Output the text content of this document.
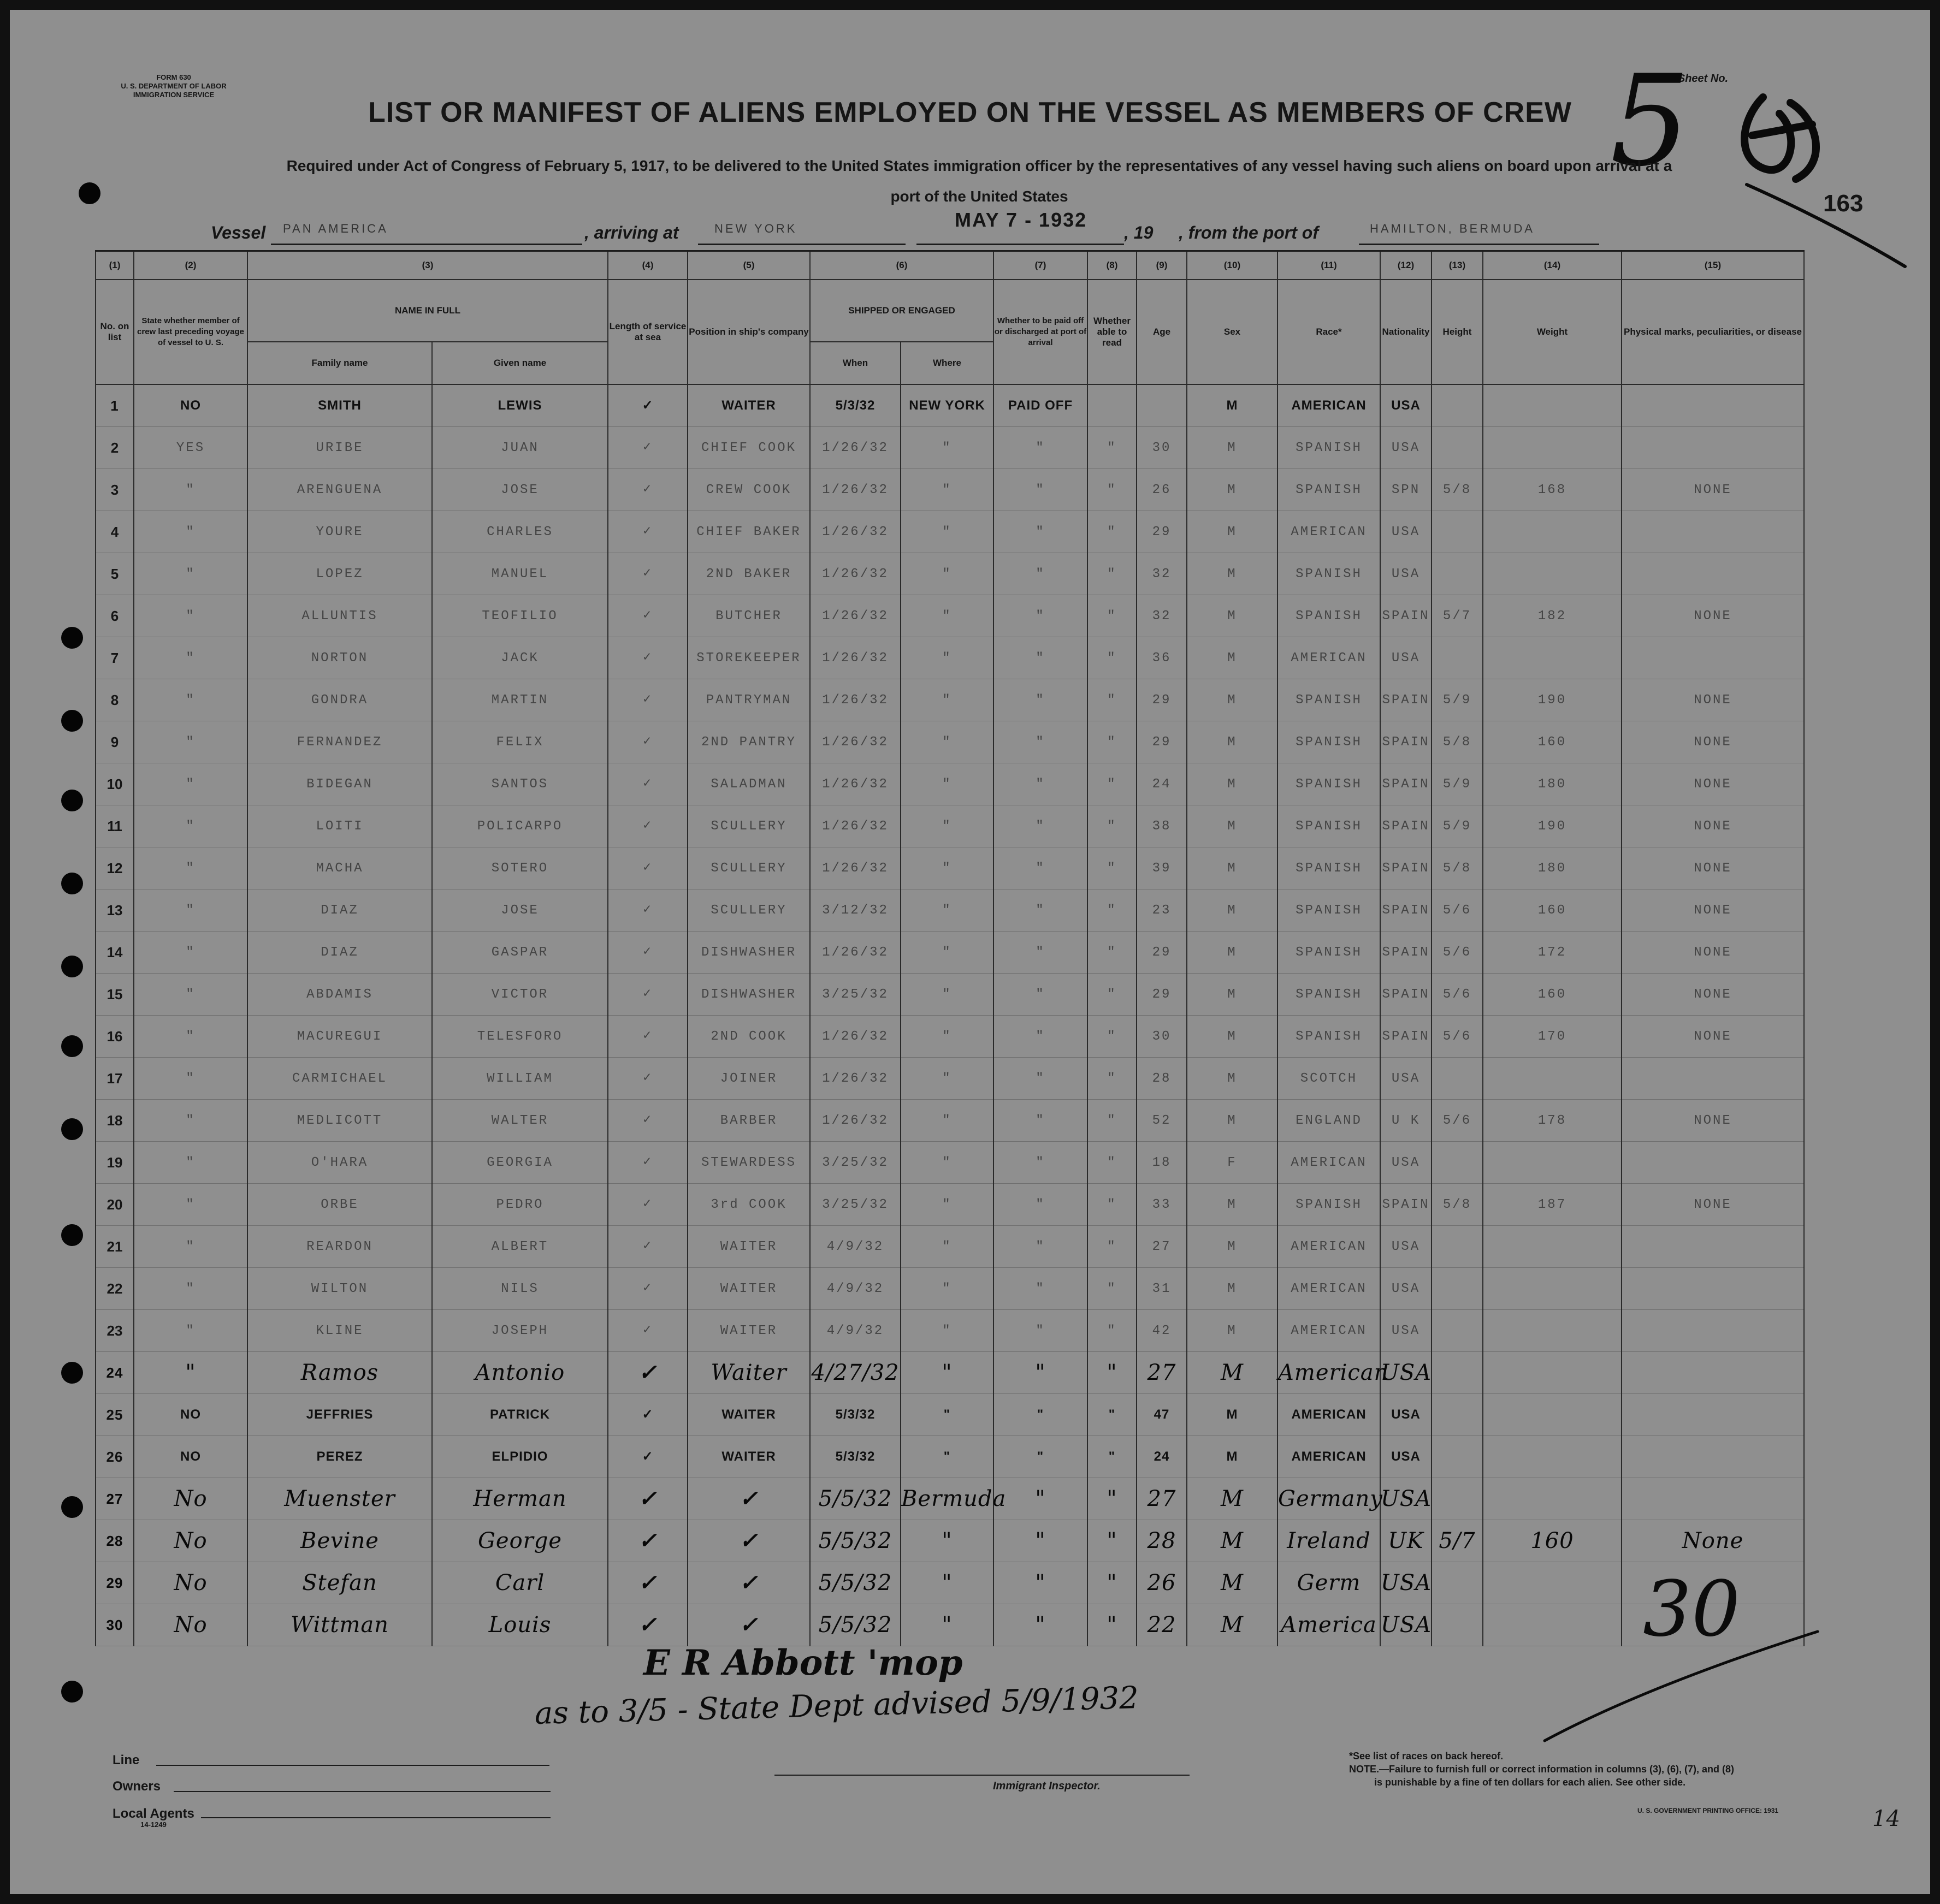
FORM 630
U. S. DEPARTMENT OF LABOR
IMMIGRATION SERVICE
LIST OR MANIFEST OF ALIENS EMPLOYED ON THE VESSEL AS MEMBERS OF CREW
Sheet No.
5
163
Required under Act of Congress of February 5, 1917, to be delivered to the United States immigration officer by the representatives of any vessel having such aliens on board upon arrival at a
port of the United States
Vessel PAN AMERICA	, arriving at	NEW YORK	MAY 7 - 1932
, 19 , from the port of	HAMILTON, BERMUDA
(1)	(2)	(3)		(4)	(5)	(6)		(7)	(8)	(9)	(10)	(11)	(12)	(13)	(14)	(15)	
No. on list	State whether member of crew last preceding voyage of vessel to U. S.	NAME IN FULL		Length of service at sea	Position in ship's company	SHIPPED OR ENGAGED		Whether to be paid off or discharged at port of arrival	Whether able to read	Age	Sex	Race*	Nationality	Height	Weight	Physical marks, peculiarities, or disease	
		Family name	Given name			When	Where										
1	NO	SMITH	LEWIS	✓	WAITER	5/3/32	NEW YORK	PAID OFF			M	AMERICAN	USA				
2	YES	URIBE	JUAN	✓	CHIEF COOK	1/26/32	"	"	"	30	M	SPANISH	USA				
3	"	ARENGUENA	JOSE	✓	CREW COOK	1/26/32	"	"	"	26	M	SPANISH	SPN	5/8	168	NONE	
4	"	YOURE	CHARLES	✓	CHIEF BAKER	1/26/32	"	"	"	29	M	AMERICAN	USA				
5	"	LOPEZ	MANUEL	✓	2ND BAKER	1/26/32	"	"	"	32	M	SPANISH	USA				
6	"	ALLUNTIS	TEOFILIO	✓	BUTCHER	1/26/32	"	"	"	32	M	SPANISH	SPAIN	5/7	182	NONE	
7	"	NORTON	JACK	✓	STOREKEEPER	1/26/32	"	"	"	36	M	AMERICAN	USA				
8	"	GONDRA	MARTIN	✓	PANTRYMAN	1/26/32	"	"	"	29	M	SPANISH	SPAIN	5/9	190	NONE	
9	"	FERNANDEZ	FELIX	✓	2ND PANTRY	1/26/32	"	"	"	29	M	SPANISH	SPAIN	5/8	160	NONE	
10	"	BIDEGAN	SANTOS	✓	SALADMAN	1/26/32	"	"	"	24	M	SPANISH	SPAIN	5/9	180	NONE	
11	"	LOITI	POLICARPO	✓	SCULLERY	1/26/32	"	"	"	38	M	SPANISH	SPAIN	5/9	190	NONE	
12	"	MACHA	SOTERO	✓	SCULLERY	1/26/32	"	"	"	39	M	SPANISH	SPAIN	5/8	180	NONE	
13	"	DIAZ	JOSE	✓	SCULLERY	3/12/32	"	"	"	23	M	SPANISH	SPAIN	5/6	160	NONE	
14	"	DIAZ	GASPAR	✓	DISHWASHER	1/26/32	"	"	"	29	M	SPANISH	SPAIN	5/6	172	NONE	
15	"	ABDAMIS	VICTOR	✓	DISHWASHER	3/25/32	"	"	"	29	M	SPANISH	SPAIN	5/6	160	NONE	
16	"	MACUREGUI	TELESFORO	✓	2ND COOK	1/26/32	"	"	"	30	M	SPANISH	SPAIN	5/6	170	NONE	
17	"	CARMICHAEL	WILLIAM	✓	JOINER	1/26/32	"	"	"	28	M	SCOTCH	USA				
18	"	MEDLICOTT	WALTER	✓	BARBER	1/26/32	"	"	"	52	M	ENGLAND	U K	5/6	178	NONE	
19	"	O'HARA	GEORGIA	✓	STEWARDESS	3/25/32	"	"	"	18	F	AMERICAN	USA				
20	"	ORBE	PEDRO	✓	3rd COOK	3/25/32	"	"	"	33	M	SPANISH	SPAIN	5/8	187	NONE	
21	"	REARDON	ALBERT	✓	WAITER	4/9/32	"	"	"	27	M	AMERICAN	USA				
22	"	WILTON	NILS	✓	WAITER	4/9/32	"	"	"	31	M	AMERICAN	USA				
23	"	KLINE	JOSEPH	✓	WAITER	4/9/32	"	"	"	42	M	AMERICAN	USA				
24	"	Ramos	Antonio	✓	Waiter	4/27/32	"	"	"	27	M	American	USA				
25	NO	JEFFRIES	PATRICK	✓	WAITER	5/3/32	"	"	"	47	M	AMERICAN	USA				
26	NO	PEREZ	ELPIDIO	✓	WAITER	5/3/32	"	"	"	24	M	AMERICAN	USA				
27	No	Muenster	Herman	✓	✓	5/5/32	Bermuda	"	"	27	M	Germany	USA				
28	No	Bevine	George	✓	✓	5/5/32	"	"	"	28	M	Ireland	UK	5/7	160	None	
29	No	Stefan	Carl	✓	✓	5/5/32	"	"	"	26	M	Germ	USA				
30	No	Wittman	Louis	✓	✓	5/5/32	"	"	"	22	M	America	USA					30
E R Abbott 'mop
as to 3/5 - State Dept advised 5/9/1932
Line
Owners
Local Agents
14-1249
Immigrant Inspector.
*See list of races on back hereof.
NOTE.—Failure to furnish full or correct information in columns (3), (6), (7), and (8)
is punishable by a fine of ten dollars for each alien. See other side.
U. S. GOVERNMENT PRINTING OFFICE: 1931	14
